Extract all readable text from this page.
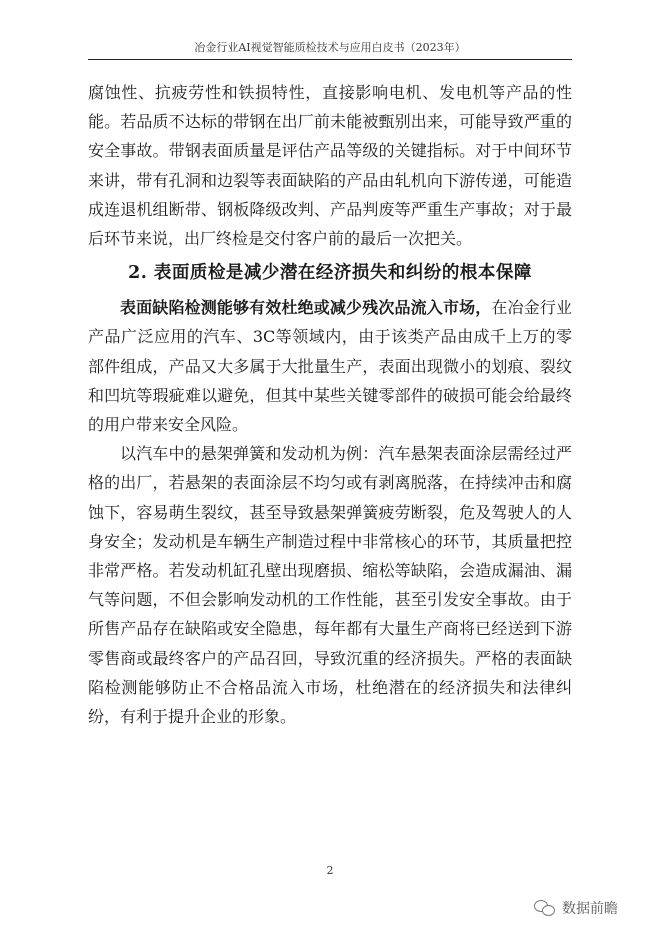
冶金行业AI视觉智能质检技术与应用白皮书（2023年）

腐蚀性、抗疲劳性和铁损特性，直接影响电机、发电机等产品的性能。若品质不达标的带钢在出厂前未能被甄别出来，可能导致严重的安全事故。带钢表面质量是评估产品等级的关键指标。对于中间环节来讲，带有孔洞和边裂等表面缺陷的产品由轧机向下游传递，可能造成连退机组断带、钢板降级改判、产品判废等严重生产事故；对于最后环节来说，出厂终检是交付客户前的最后一次把关。

2. 表面质检是减少潜在经济损失和纠纷的根本保障

表面缺陷检测能够有效杜绝或减少残次品流入市场，在冶金行业产品广泛应用的汽车、3C等领域内，由于该类产品由成千上万的零部件组成，产品又大多属于大批量生产，表面出现微小的划痕、裂纹和凹坑等瑕疵难以避免，但其中某些关键零部件的破损可能会给最终的用户带来安全风险。

以汽车中的悬架弹簧和发动机为例：汽车悬架表面涂层需经过严格的出厂，若悬架的表面涂层不均匀或有剥离脱落，在持续冲击和腐蚀下，容易萌生裂纹，甚至导致悬架弹簧疲劳断裂，危及驾驶人的人身安全；发动机是车辆生产制造过程中非常核心的环节，其质量把控非常严格。若发动机缸孔壁出现磨损、缩松等缺陷，会造成漏油、漏气等问题，不但会影响发动机的工作性能，甚至引发安全事故。由于所售产品存在缺陷或安全隐患，每年都有大量生产商将已经送到下游零售商或最终客户的产品召回，导致沉重的经济损失。严格的表面缺陷检测能够防止不合格品流入市场，杜绝潜在的经济损失和法律纠纷，有利于提升企业的形象。

2
数据前瞻
